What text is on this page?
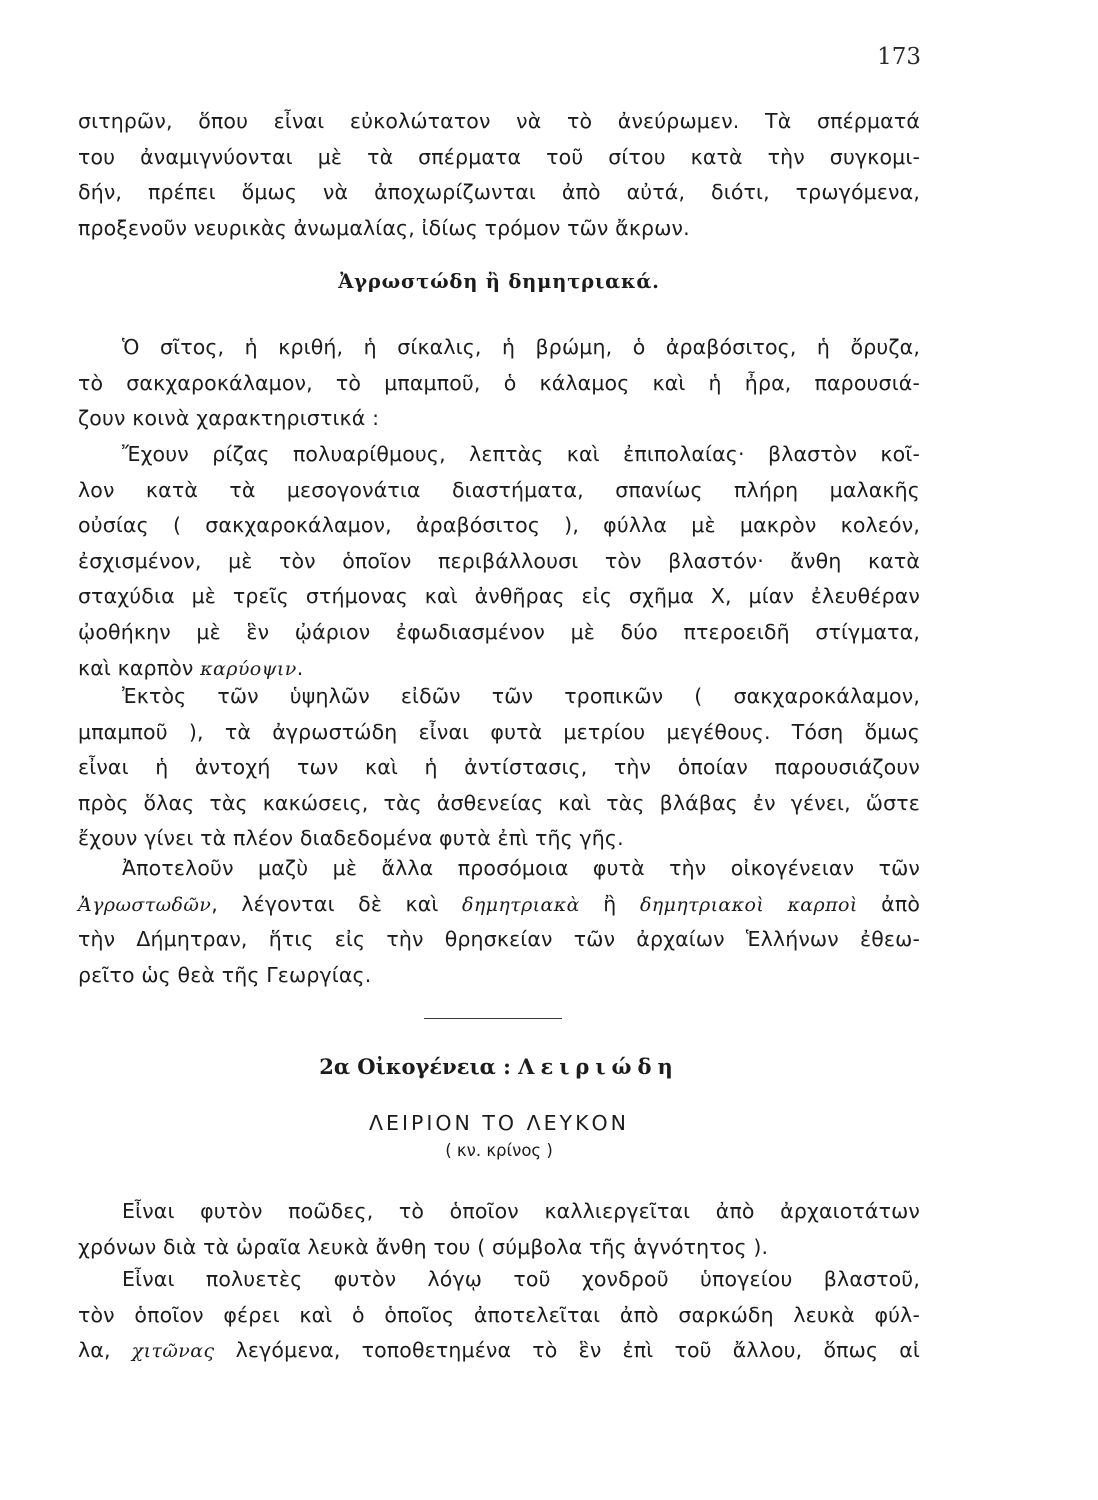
173
σιτηρῶν, ὅπου εἶναι εὐκολώτατον νὰ τὸ ἀνεύρωμεν. Τὰ σπέρματά
του ἀναμιγνύονται μὲ τὰ σπέρματα τοῦ σίτου κατὰ τὴν συγκομι-
δήν, πρέπει ὅμως νὰ ἀποχωρίζωνται ἀπὸ αὐτά, διότι, τρωγόμενα,
προξενοῦν νευρικὰς ἀνωμαλίας, ἰδίως τρόμον τῶν ἄκρων.
Ἀγρωστώδη ἢ δημητριακά.
Ὁ σῖτος, ἡ κριθή, ἡ σίκαλις, ἡ βρώμη, ὁ ἀραβόσιτος, ἡ ὄρυζα,
τὸ σακχαροκάλαμον, τὸ μπαμποῦ, ὁ κάλαμος καὶ ἡ ἦρα, παρουσιά-
ζουν κοινὰ χαρακτηριστικά :
Ἔχουν ρίζας πολυαρίθμους, λεπτὰς καὶ ἐπιπολαίας· βλαστὸν κοῖ-
λον κατὰ τὰ μεσογονάτια διαστήματα, σπανίως πλήρη μαλακῆς
οὐσίας ( σακχαροκάλαμον, ἀραβόσιτος ), φύλλα μὲ μακρὸν κολεόν,
ἐσχισμένον, μὲ τὸν ὁποῖον περιβάλλουσι τὸν βλαστόν· ἄνθη κατὰ
σταχύδια μὲ τρεῖς στήμονας καὶ ἀνθῆρας εἰς σχῆμα Χ, μίαν ἐλευθέραν
ᾠοθήκην μὲ ἓν ᾠάριον ἐφωδιασμένον μὲ δύο πτεροειδῆ στίγματα,
καὶ καρπὸν καρύοψιν.
Ἐκτὸς τῶν ὑψηλῶν εἰδῶν τῶν τροπικῶν ( σακχαροκάλαμον,
μπαμποῦ ), τὰ ἀγρωστώδη εἶναι φυτὰ μετρίου μεγέθους. Τόση ὅμως
εἶναι ἡ ἀντοχή των καὶ ἡ ἀντίστασις, τὴν ὁποίαν παρουσιάζουν
πρὸς ὅλας τὰς κακώσεις, τὰς ἀσθενείας καὶ τὰς βλάβας ἐν γένει, ὥστε
ἔχουν γίνει τὰ πλέον διαδεδομένα φυτὰ ἐπὶ τῆς γῆς.
Ἀποτελοῦν μαζὺ μὲ ἄλλα προσόμοια φυτὰ τὴν οἰκογένειαν τῶν
Ἀγρωστωδῶν, λέγονται δὲ καὶ δημητριακὰ ἢ δημητριακοὶ καρποὶ ἀπὸ
τὴν Δήμητραν, ἥτις εἰς τὴν θρησκείαν τῶν ἀρχαίων Ἑλλήνων ἐθεω-
ρεῖτο ὡς θεὰ τῆς Γεωργίας.
2α Οἰκογένεια : Λειριώδη
ΛΕΙΡΙΟΝ ΤΟ ΛΕΥΚΟΝ
( κν. κρίνος )
Εἶναι φυτὸν ποῶδες, τὸ ὁποῖον καλλιεργεῖται ἀπὸ ἀρχαιοτάτων
χρόνων διὰ τὰ ὡραῖα λευκὰ ἄνθη του ( σύμβολα τῆς ἁγνότητος ).
Εἶναι πολυετὲς φυτὸν λόγῳ τοῦ χονδροῦ ὑπογείου βλαστοῦ,
τὸν ὁποῖον φέρει καὶ ὁ ὁποῖος ἀποτελεῖται ἀπὸ σαρκώδη λευκὰ φύλ-
λα, χιτῶνας λεγόμενα, τοποθετημένα τὸ ἓν ἐπὶ τοῦ ἄλλου, ὅπως αἱ
